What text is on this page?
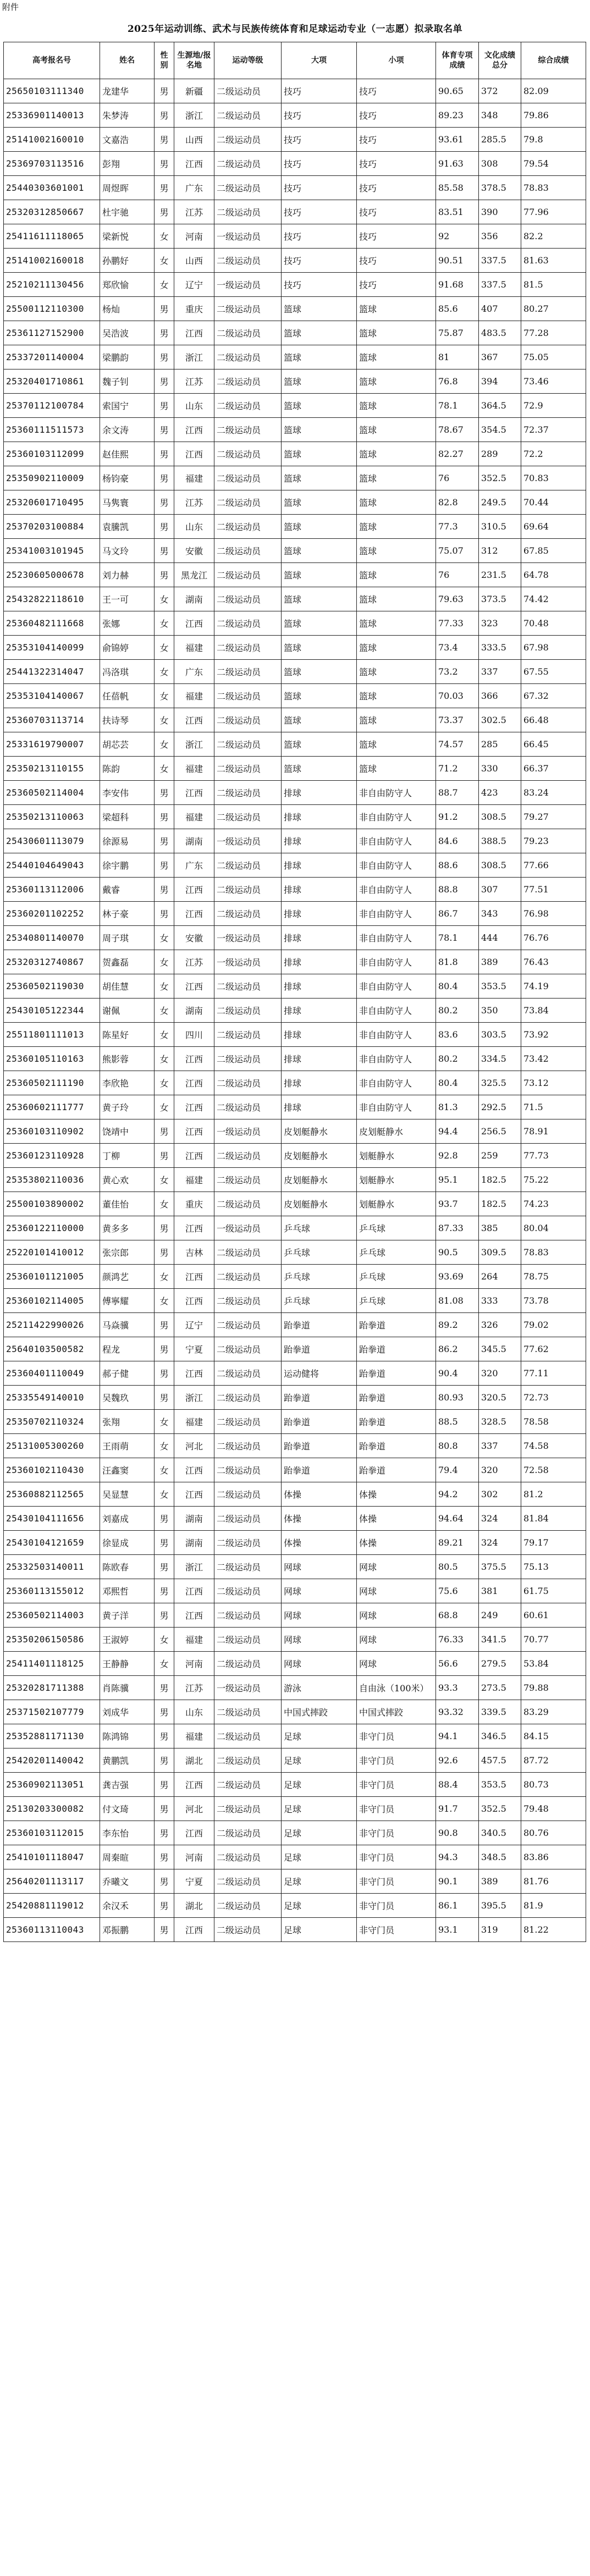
附件
2025年运动训练、武术与民族传统体育和足球运动专业（一志愿）拟录取名单
高考报名号	姓名	性别	生源地/报名地	运动等级	大项	小项	体育专项成绩	文化成绩总分	综合成绩
25650103111340	龙建华	男	新疆	二级运动员	技巧	技巧	90.65	372	82.09
25336901140013	朱梦涛	男	浙江	二级运动员	技巧	技巧	89.23	348	79.86
25141002160010	文嘉浩	男	山西	二级运动员	技巧	技巧	93.61	285.5	79.8
25369703113516	彭翔	男	江西	二级运动员	技巧	技巧	91.63	308	79.54
25440303601001	周煜晖	男	广东	二级运动员	技巧	技巧	85.58	378.5	78.83
25320312850667	杜宇驰	男	江苏	二级运动员	技巧	技巧	83.51	390	77.96
25411611118065	梁新悦	女	河南	一级运动员	技巧	技巧	92	356	82.2
25141002160018	孙鹏好	女	山西	二级运动员	技巧	技巧	90.51	337.5	81.63
25210211130456	郑欣愉	女	辽宁	一级运动员	技巧	技巧	91.68	337.5	81.5
25500112110300	杨灿	男	重庆	二级运动员	篮球	篮球	85.6	407	80.27
25361127152900	吴浩波	男	江西	二级运动员	篮球	篮球	75.87	483.5	77.28
25337201140004	梁鹏韵	男	浙江	二级运动员	篮球	篮球	81	367	75.05
25320401710861	魏子钊	男	江苏	二级运动员	篮球	篮球	76.8	394	73.46
25370112100784	索国宁	男	山东	二级运动员	篮球	篮球	78.1	364.5	72.9
25360111511573	余文涛	男	江西	二级运动员	篮球	篮球	78.67	354.5	72.37
25360103112099	赵佳熙	男	江西	二级运动员	篮球	篮球	82.27	289	72.2
25350902110009	杨钧豪	男	福建	二级运动员	篮球	篮球	76	352.5	70.83
25320601710495	马隽寰	男	江苏	二级运动员	篮球	篮球	82.8	249.5	70.44
25370203100884	袁騰凯	男	山东	二级运动员	篮球	篮球	77.3	310.5	69.64
25341003101945	马文玲	男	安徽	二级运动员	篮球	篮球	75.07	312	67.85
25230605000678	刘力赫	男	黑龙江	二级运动员	篮球	篮球	76	231.5	64.78
25432822118610	王一可	女	湖南	二级运动员	篮球	篮球	79.63	373.5	74.42
25360482111668	张娜	女	江西	二级运动员	篮球	篮球	77.33	323	70.48
25353104140099	俞锦婷	女	福建	二级运动员	篮球	篮球	73.4	333.5	67.98
25441322314047	冯洛琪	女	广东	二级运动员	篮球	篮球	73.2	337	67.55
25353104140067	任蓓帆	女	福建	二级运动员	篮球	篮球	70.03	366	67.32
25360703113714	扶诗琴	女	江西	二级运动员	篮球	篮球	73.37	302.5	66.48
25331619790007	胡芯芸	女	浙江	二级运动员	篮球	篮球	74.57	285	66.45
25350213110155	陈韵	女	福建	二级运动员	篮球	篮球	71.2	330	66.37
25360502114004	李安伟	男	江西	二级运动员	排球	非自由防守人	88.7	423	83.24
25350213110063	梁超科	男	福建	二级运动员	排球	非自由防守人	91.2	308.5	79.27
25430601113079	徐源易	男	湖南	一级运动员	排球	非自由防守人	84.6	388.5	79.23
25440104649043	徐宇鹏	男	广东	二级运动员	排球	非自由防守人	88.6	308.5	77.66
25360113112006	戴睿	男	江西	二级运动员	排球	非自由防守人	88.8	307	77.51
25360201102252	林子豪	男	江西	二级运动员	排球	非自由防守人	86.7	343	76.98
25340801140070	周子琪	女	安徽	一级运动员	排球	非自由防守人	78.1	444	76.76
25320312740867	贺鑫磊	女	江苏	一级运动员	排球	非自由防守人	81.8	389	76.43
25360502119030	胡佳慧	女	江西	二级运动员	排球	非自由防守人	80.4	353.5	74.19
25430105122344	谢佩	女	湖南	二级运动员	排球	非自由防守人	80.2	350	73.84
25511801111013	陈星好	女	四川	二级运动员	排球	非自由防守人	83.6	303.5	73.92
25360105110163	熊影蓉	女	江西	二级运动员	排球	非自由防守人	80.2	334.5	73.42
25360502111190	李欣艳	女	江西	二级运动员	排球	非自由防守人	80.4	325.5	73.12
25360602111777	黄子玲	女	江西	二级运动员	排球	非自由防守人	81.3	292.5	71.5
25360103110902	饶靖中	男	江西	一级运动员	皮划艇静水	皮划艇静水	94.4	256.5	78.91
25360123110928	丁柳	男	江西	二级运动员	皮划艇静水	划艇静水	92.8	259	77.73
25353802110036	黄心欢	女	福建	二级运动员	皮划艇静水	划艇静水	95.1	182.5	75.22
25500103890002	董佳怡	女	重庆	二级运动员	皮划艇静水	划艇静水	93.7	182.5	74.23
25360122110000	黄多多	男	江西	一级运动员	乒乓球	乒乓球	87.33	385	80.04
25220101410012	张宗郎	男	吉林	二级运动员	乒乓球	乒乓球	90.5	309.5	78.83
25360101121005	颜鸿艺	女	江西	二级运动员	乒乓球	乒乓球	93.69	264	78.75
25360102114005	傅寧耀	女	江西	二级运动员	乒乓球	乒乓球	81.08	333	73.78
25211422990026	马焱骥	男	辽宁	二级运动员	跆拳道	跆拳道	89.2	326	79.02
25640103500582	程龙	男	宁夏	二级运动员	跆拳道	跆拳道	86.2	345.5	77.62
25360401110049	郝子健	男	江西	二级运动员	运动健将	跆拳道	90.4	320	77.11
25335549140010	吴魏玖	男	浙江	二级运动员	跆拳道	跆拳道	80.93	320.5	72.73
25350702110324	张翔	女	福建	二级运动员	跆拳道	跆拳道	88.5	328.5	78.58
25131005300260	王雨萌	女	河北	二级运动员	跆拳道	跆拳道	80.8	337	74.58
25360102110430	汪鑫窦	女	江西	二级运动员	跆拳道	跆拳道	79.4	320	72.58
25360882112565	吴显慧	女	江西	二级运动员	体操	体操	94.2	302	81.2
25430104111656	刘嘉成	男	湖南	二级运动员	体操	体操	94.64	324	81.84
25430104121659	徐显成	男	湖南	二级运动员	体操	体操	89.21	324	79.17
25332503140011	陈欧春	男	浙江	二级运动员	网球	网球	80.5	375.5	75.13
25360113155012	邓熙哲	男	江西	二级运动员	网球	网球	75.6	381	61.75
25360502114003	黄子洋	男	江西	二级运动员	网球	网球	68.8	249	60.61
25350206150586	王淑婷	女	福建	二级运动员	网球	网球	76.33	341.5	70.77
25411401118125	王静静	女	河南	二级运动员	网球	网球	56.6	279.5	53.84
25320281711388	肖陈骥	男	江苏	一级运动员	游泳	自由泳（100米）	93.3	273.5	79.88
25371502107779	刘成华	男	山东	二级运动员	中国式摔跤	中国式摔跤	93.32	339.5	83.29
25352881171130	陈鸿锦	男	福建	二级运动员	足球	非守门员	94.1	346.5	84.15
25420201140042	黄鹏凯	男	湖北	二级运动员	足球	非守门员	92.6	457.5	87.72
25360902113051	龚吉强	男	江西	二级运动员	足球	非守门员	88.4	353.5	80.73
25130203300082	付文琦	男	河北	二级运动员	足球	非守门员	91.7	352.5	79.48
25360103112015	李东怡	男	江西	二级运动员	足球	非守门员	90.8	340.5	80.76
25410101118047	周秦暄	男	河南	二级运动员	足球	非守门员	94.3	348.5	83.86
25640201113117	乔曦文	男	宁夏	二级运动员	足球	非守门员	90.1	389	81.76
25420881119012	余汉禾	男	湖北	二级运动员	足球	非守门员	86.1	395.5	81.9
25360113110043	邓振鹏	男	江西	二级运动员	足球	非守门员	93.1	319	81.22
